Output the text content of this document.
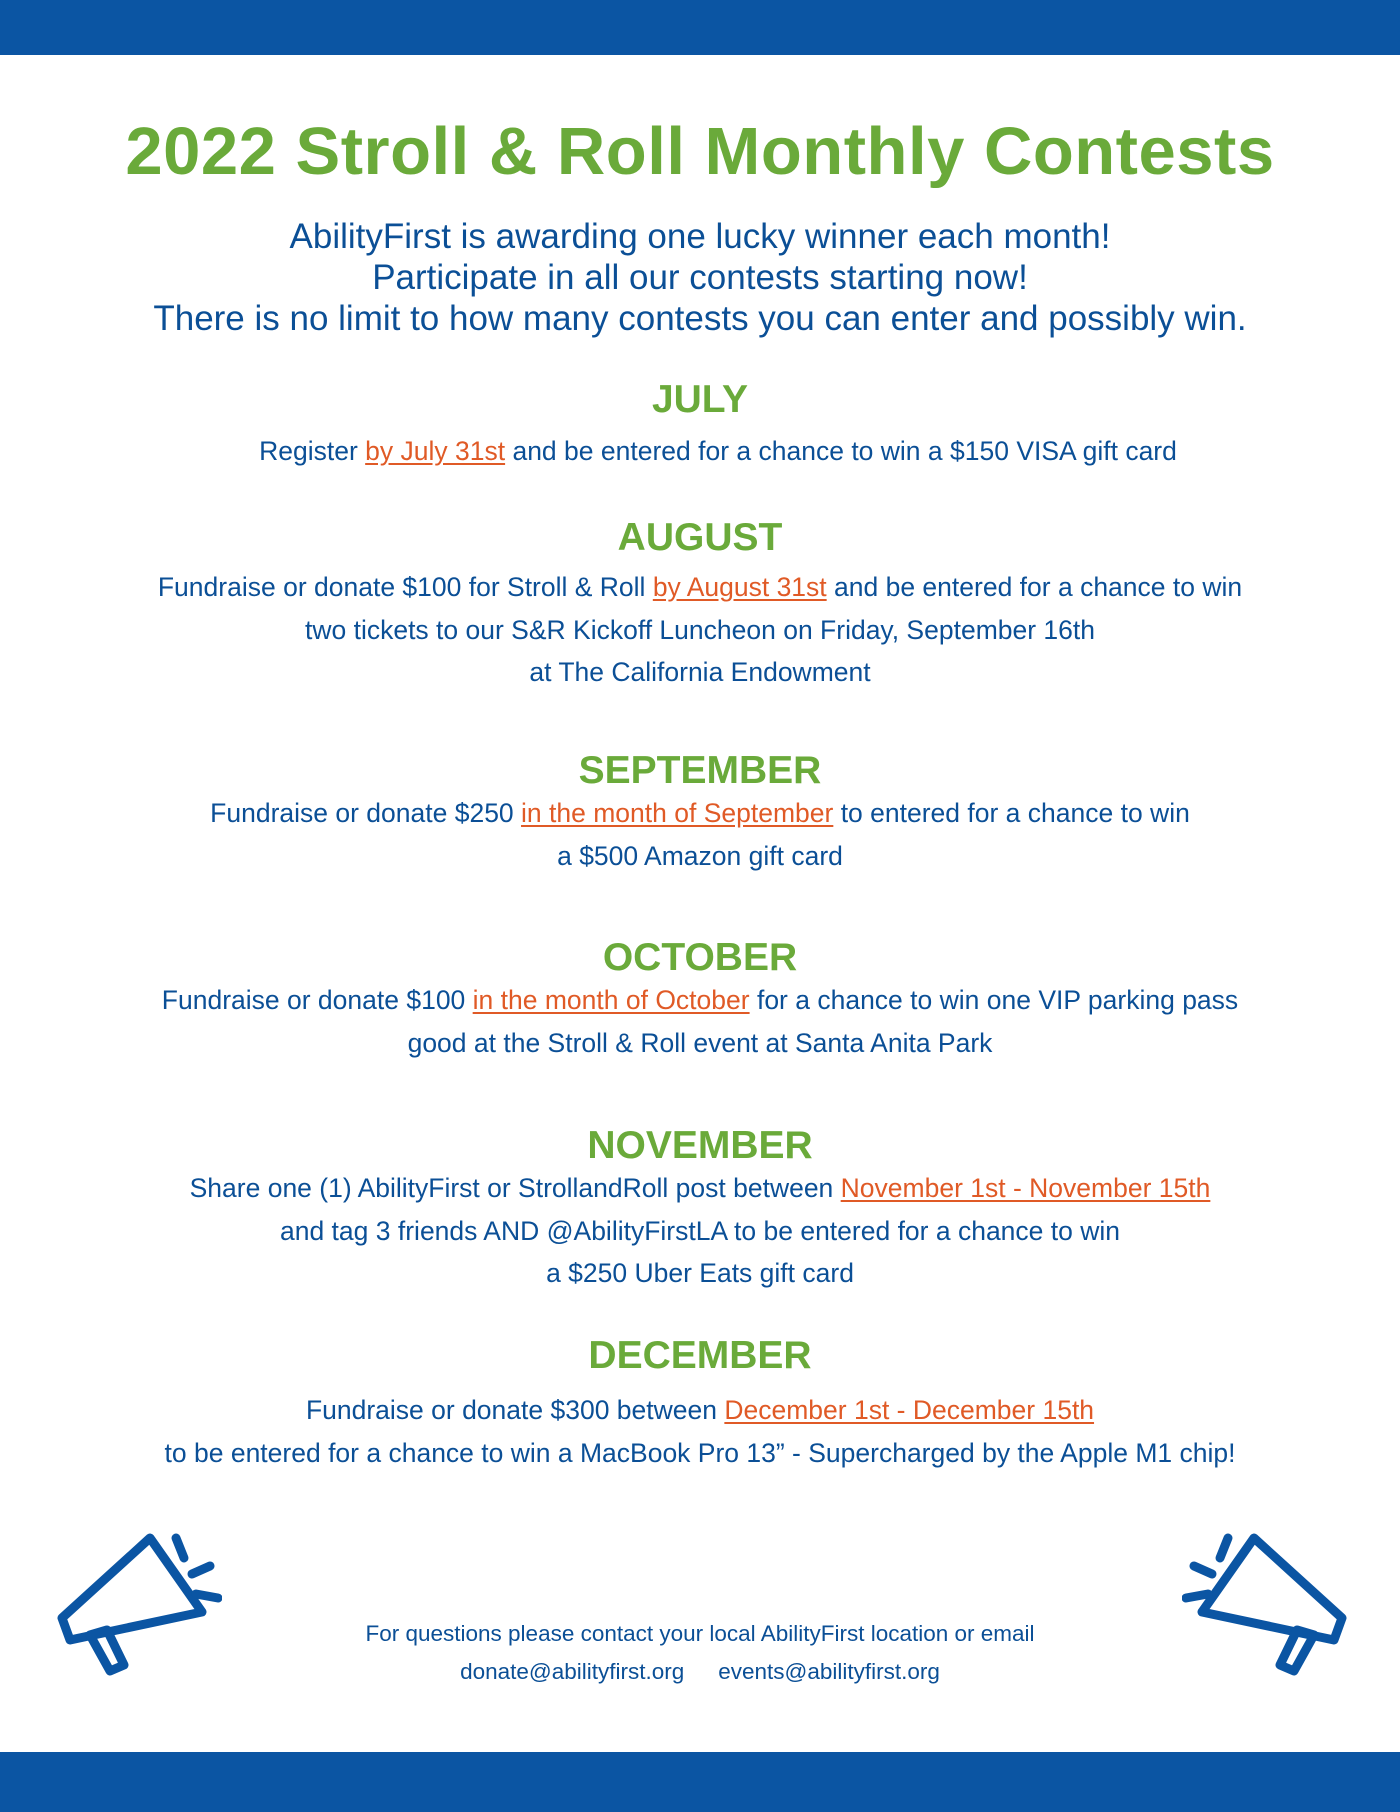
2022 Stroll & Roll Monthly Contests
AbilityFirst is awarding one lucky winner each month!
Participate in all our contests starting now!
There is no limit to how many contests you can enter and possibly win.
JULY
Register by July 31st and be entered for a chance to win a $150 VISA gift card
AUGUST
Fundraise or donate $100 for Stroll & Roll by August 31st and be entered for a chance to win
two tickets to our S&R Kickoff Luncheon on Friday, September 16th
at The California Endowment
SEPTEMBER
Fundraise or donate $250 in the month of September to entered for a chance to win
a $500 Amazon gift card
OCTOBER
Fundraise or donate $100 in the month of October for a chance to win one VIP parking pass
good at the Stroll & Roll event at Santa Anita Park
NOVEMBER
Share one (1) AbilityFirst or StrollandRoll post between November 1st - November 15th
and tag 3 friends AND @AbilityFirstLA to be entered for a chance to win
a $250 Uber Eats gift card
DECEMBER
Fundraise or donate $300 between December 1st - December 15th
to be entered for a chance to win a MacBook Pro 13” - Supercharged by the Apple M1 chip!
For questions please contact your local AbilityFirst location or email
donate@abilityfirst.org events@abilityfirst.org
